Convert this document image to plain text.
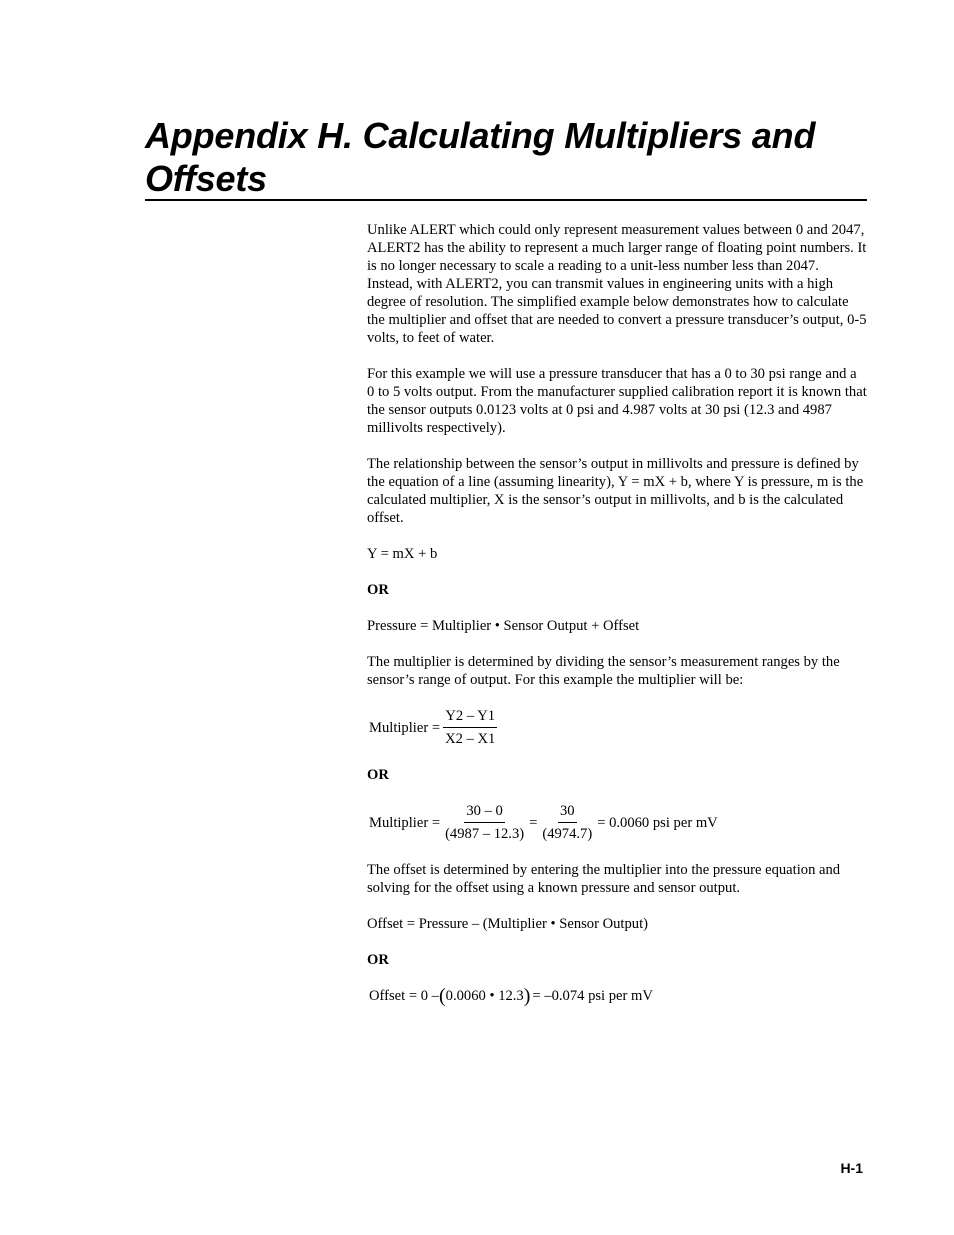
Appendix H. Calculating Multipliers and Offsets

Unlike ALERT which could only represent measurement values between 0 and 2047, ALERT2 has the ability to represent a much larger range of floating point numbers. It is no longer necessary to scale a reading to a unit-less number less than 2047. Instead, with ALERT2, you can transmit values in engineering units with a high degree of resolution. The simplified example below demonstrates how to calculate the multiplier and offset that are needed to convert a pressure transducer’s output, 0-5 volts, to feet of water.

For this example we will use a pressure transducer that has a 0 to 30 psi range and a 0 to 5 volts output. From the manufacturer supplied calibration report it is known that the sensor outputs 0.0123 volts at 0 psi and 4.987 volts at 30 psi (12.3 and 4987 millivolts respectively).

The relationship between the sensor’s output in millivolts and pressure is defined by the equation of a line (assuming linearity), Y = mX + b, where Y is pressure, m is the calculated multiplier, X is the sensor’s output in millivolts, and b is the calculated offset.

Y = mX + b

OR

Pressure = Multiplier • Sensor Output + Offset

The multiplier is determined by dividing the sensor’s measurement ranges by the sensor’s range of output. For this example the multiplier will be:

Multiplier = $\frac{Y2 - Y1}{X2 - X1}$

OR

Multiplier = $\frac{30 - 0}{(4987 - 12.3)} = \frac{30}{(4974.7)} = 0.0060$ psi per mV

The offset is determined by entering the multiplier into the pressure equation and solving for the offset using a known pressure and sensor output.

Offset = Pressure – (Multiplier • Sensor Output)

OR

Offset = 0 – ( 0.0060 • 12.3 ) = –0.074 psi per mV
H-1
